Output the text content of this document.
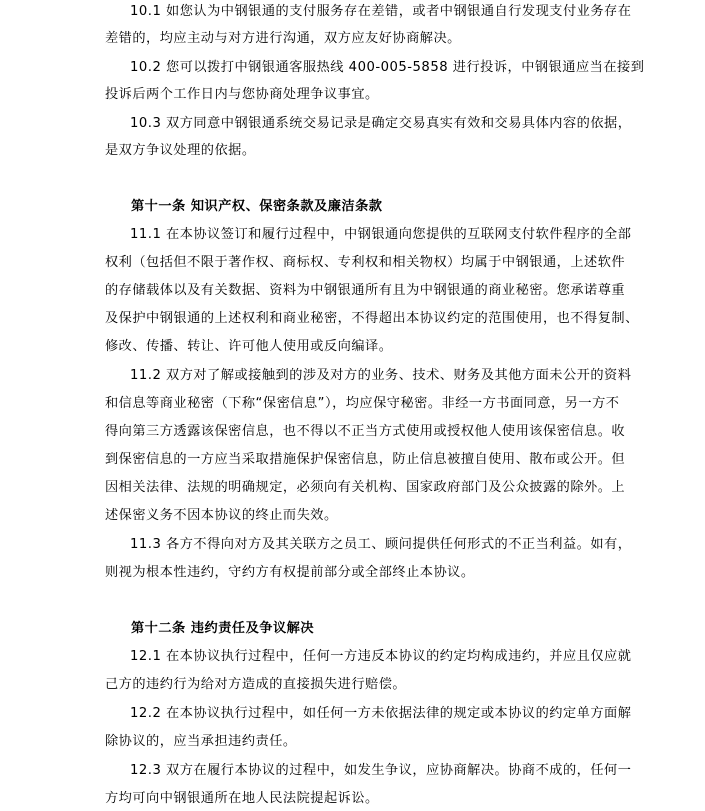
10.1 如您认为中钢银通的支付服务存在差错，或者中钢银通自行发现支付业务存在
差错的，均应主动与对方进行沟通，双方应友好协商解决。
10.2 您可以拨打中钢银通客服热线 400-005-5858 进行投诉，中钢银通应当在接到
投诉后两个工作日内与您协商处理争议事宜。
10.3 双方同意中钢银通系统交易记录是确定交易真实有效和交易具体内容的依据，
是双方争议处理的依据。
第十一条 知识产权、保密条款及廉洁条款
11.1 在本协议签订和履行过程中，中钢银通向您提供的互联网支付软件程序的全部
权利（包括但不限于著作权、商标权、专利权和相关物权）均属于中钢银通，上述软件
的存储载体以及有关数据、资料为中钢银通所有且为中钢银通的商业秘密。您承诺尊重
及保护中钢银通的上述权利和商业秘密，不得超出本协议约定的范围使用，也不得复制、
修改、传播、转让、许可他人使用或反向编译。
11.2 双方对了解或接触到的涉及对方的业务、技术、财务及其他方面未公开的资料
和信息等商业秘密（下称“保密信息”），均应保守秘密。非经一方书面同意，另一方不
得向第三方透露该保密信息，也不得以不正当方式使用或授权他人使用该保密信息。收
到保密信息的一方应当采取措施保护保密信息，防止信息被擅自使用、散布或公开。但
因相关法律、法规的明确规定，必须向有关机构、国家政府部门及公众披露的除外。上
述保密义务不因本协议的终止而失效。
11.3 各方不得向对方及其关联方之员工、顾问提供任何形式的不正当利益。如有，
则视为根本性违约，守约方有权提前部分或全部终止本协议。
第十二条 违约责任及争议解决
12.1 在本协议执行过程中，任何一方违反本协议的约定均构成违约，并应且仅应就
己方的违约行为给对方造成的直接损失进行赔偿。
12.2 在本协议执行过程中，如任何一方未依据法律的规定或本协议的约定单方面解
除协议的，应当承担违约责任。
12.3 双方在履行本协议的过程中，如发生争议，应协商解决。协商不成的，任何一
方均可向中钢银通所在地人民法院提起诉讼。
